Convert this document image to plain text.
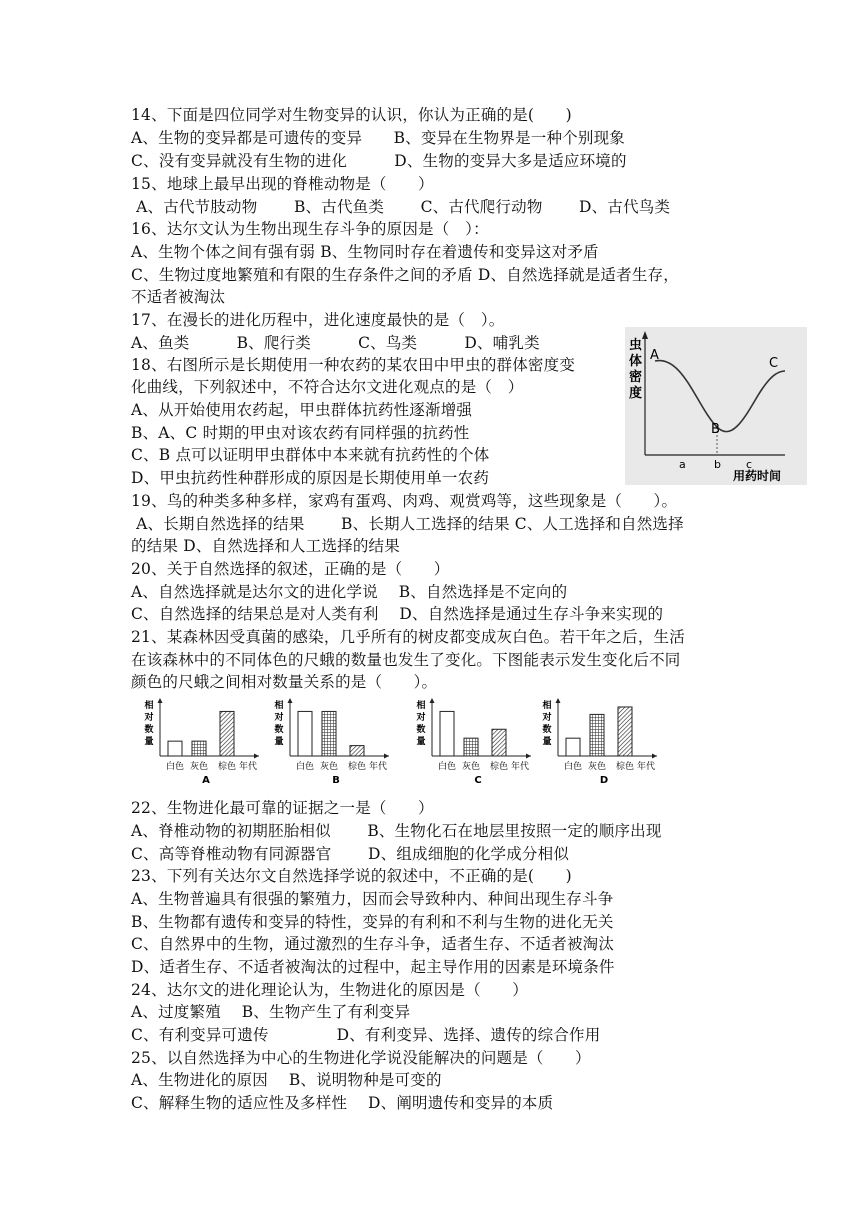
14、下面是四位同学对生物变异的认识，你认为正确的是(　　)
A、生物的变异都是可遗传的变异　　B、变异在生物界是一种个别现象
C、没有变异就没有生物的进化　　　D、生物的变异大多是适应环境的
15、地球上最早出现的脊椎动物是（　　）
A、古代节肢动物　　 B、古代鱼类　　 C、古代爬行动物　　 D、古代鸟类
16、达尔文认为生物出现生存斗争的原因是（　）：
A、生物个体之间有强有弱 B、生物同时存在着遗传和变异这对矛盾
C、生物过度地繁殖和有限的生存条件之间的矛盾 D、自然选择就是适者生存，
不适者被淘汰
17、在漫长的进化历程中，进化速度最快的是（　）。
A、鱼类　　　B、爬行类　　　C、鸟类　　　D、哺乳类
18、右图所示是长期使用一种农药的某农田中甲虫的群体密度变
化曲线，下列叙述中，不符合达尔文进化观点的是（　）
A、从开始使用农药起，甲虫群体抗药性逐渐增强
B、A、C 时期的甲虫对该农药有同样强的抗药性
C、B 点可以证明甲虫群体中本来就有抗药性的个体
D、甲虫抗药性种群形成的原因是长期使用单一农药
虫
体
密
度
A
B
C
a	b c
用药时间
19、鸟的种类多种多样，家鸡有蛋鸡、肉鸡、观赏鸡等，这些现象是（　　）。
A、长期自然选择的结果　　 B、长期人工选择的结果 C、人工选择和自然选择
的结果 D、自然选择和人工选择的结果
20、关于自然选择的叙述，正确的是（　　）
A、自然选择就是达尔文的进化学说　 B、自然选择是不定向的
C、自然选择的结果总是对人类有利　 D、自然选择是通过生存斗争来实现的
21、某森林因受真菌的感染，几乎所有的树皮都变成灰白色。若干年之后，生活
在该森林中的不同体色的尺蛾的数量也发生了变化。下图能表示发生变化后不同
颜色的尺蛾之间相对数量关系的是（　　）。
相
对
数
量
白色 灰色 棕色 年代
A
相
对
数
量
白色 灰色 棕色 年代
B
相
对
数
量
白色 灰色 棕色 年代
C
相
对
数
量
白色 灰色 棕色 年代
D
22、生物进化最可靠的证据之一是（　　）
A、脊椎动物的初期胚胎相似　　 B、生物化石在地层里按照一定的顺序出现
C、高等脊椎动物有同源器官　　 D、组成细胞的化学成分相似
23、下列有关达尔文自然选择学说的叙述中，不正确的是(　　)
A、生物普遍具有很强的繁殖力，因而会导致种内、种间出现生存斗争
B、生物都有遗传和变异的特性，变异的有利和不利与生物的进化无关
C、自然界中的生物，通过激烈的生存斗争，适者生存、不适者被淘汰
D、适者生存、不适者被淘汰的过程中，起主导作用的因素是环境条件
24、达尔文的进化理论认为，生物进化的原因是（　　）
A、过度繁殖　 B、生物产生了有利变异
C、有利变异可遗传　　　　 D、有利变异、选择、遗传的综合作用
25、以自然选择为中心的生物进化学说没能解决的问题是（　　）
A、生物进化的原因　 B、说明物种是可变的
C、解释生物的适应性及多样性　 D、阐明遗传和变异的本质
